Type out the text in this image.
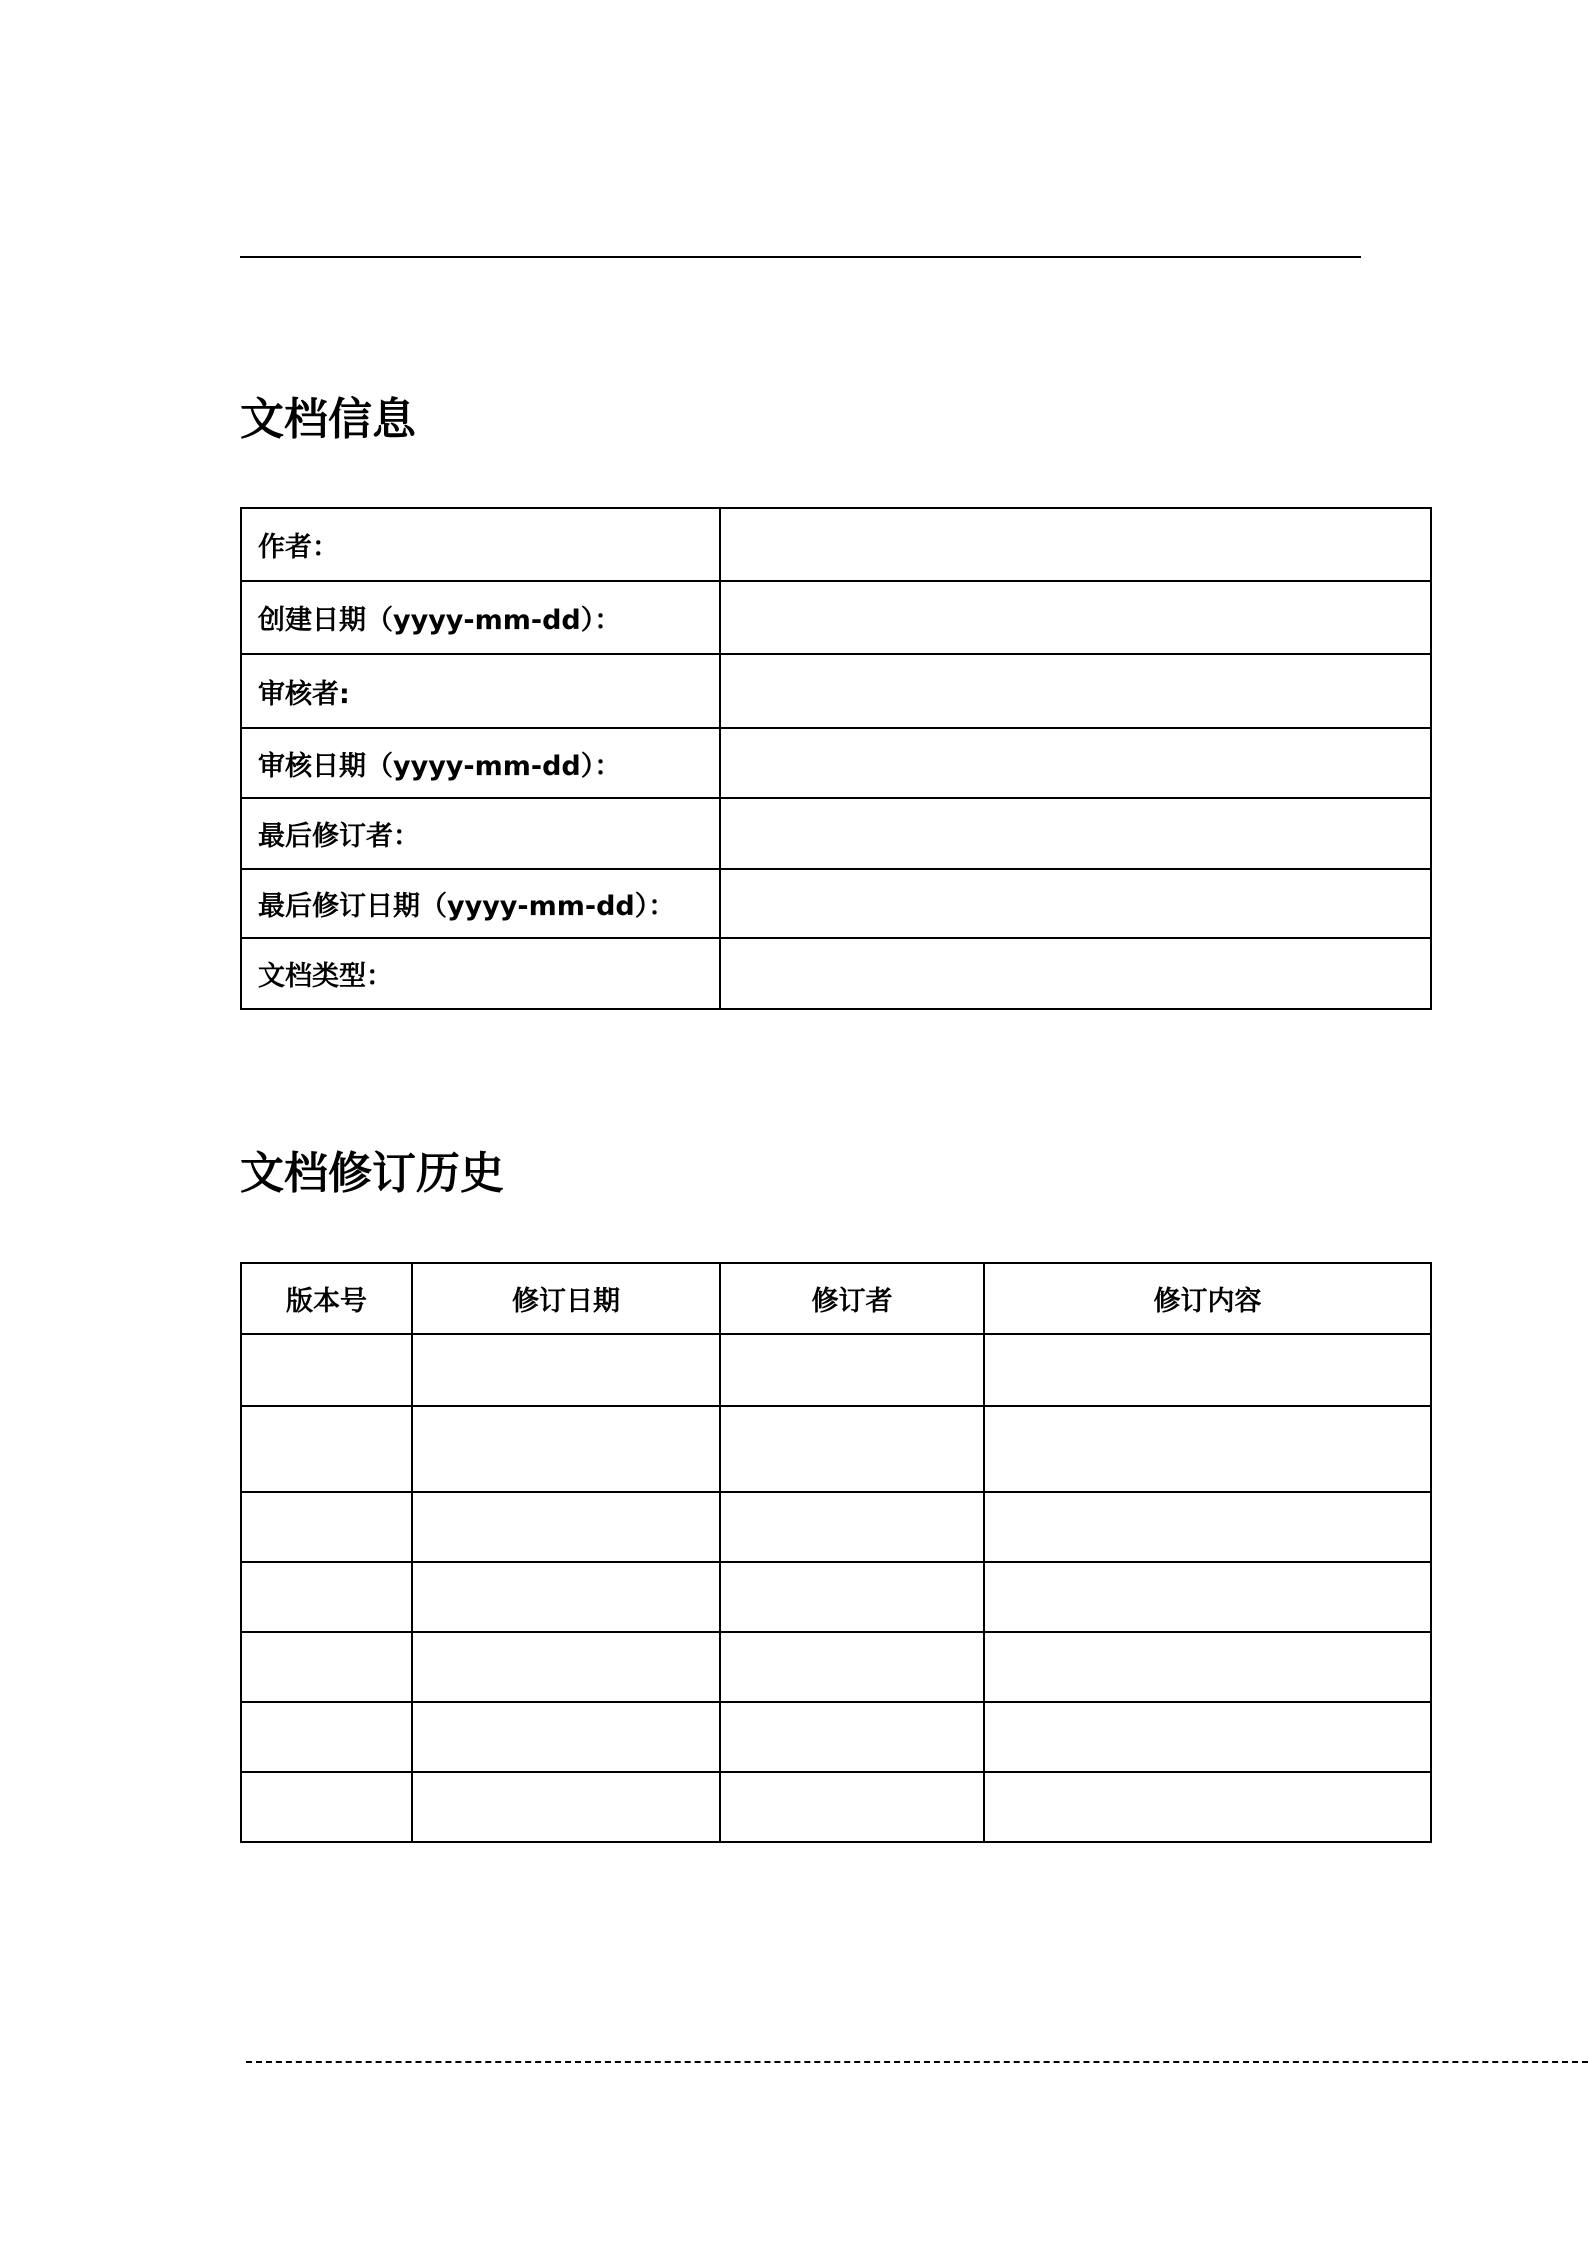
文档信息
作者：	
创建日期（yyyy-mm-dd）：	
审核者:	
审核日期（yyyy-mm-dd）：	
最后修订者：	
最后修订日期（yyyy-mm-dd）：	
文档类型：	
文档修订历史
版本号	修订日期	修订者	修订内容
